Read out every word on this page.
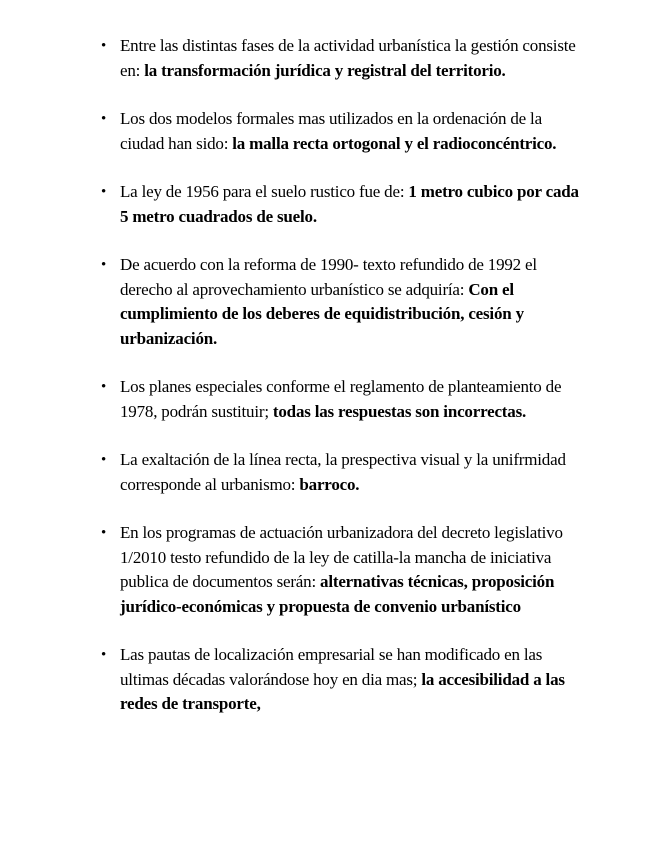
• Entre las distintas fases de la actividad urbanística la gestión consiste en: la transformación jurídica y registral del territorio.
• Los dos modelos formales mas utilizados en la ordenación de la ciudad han sido: la malla recta ortogonal y el radioconcéntrico.
• La ley de 1956 para el suelo rustico fue de: 1 metro cubico por cada 5 metro cuadrados de suelo.
• De acuerdo con la reforma de 1990- texto refundido de 1992 el derecho al aprovechamiento urbanístico se adquiría: Con el cumplimiento de los deberes de equidistribución, cesión y urbanización.
• Los planes especiales conforme el reglamento de planteamiento de 1978, podrán sustituir; todas las respuestas son incorrectas.
• La exaltación de la línea recta, la prespectiva visual y la unifrmidad corresponde al urbanismo: barroco.
• En los programas de actuación urbanizadora del decreto legislativo 1/2010 testo refundido de la ley de catilla-la mancha de iniciativa publica de documentos serán: alternativas técnicas, proposición jurídico-económicas y propuesta de convenio urbanístico
• Las pautas de localización empresarial se han modificado en las ultimas décadas valorándose hoy en dia mas; la accesibilidad a las redes de transporte,
